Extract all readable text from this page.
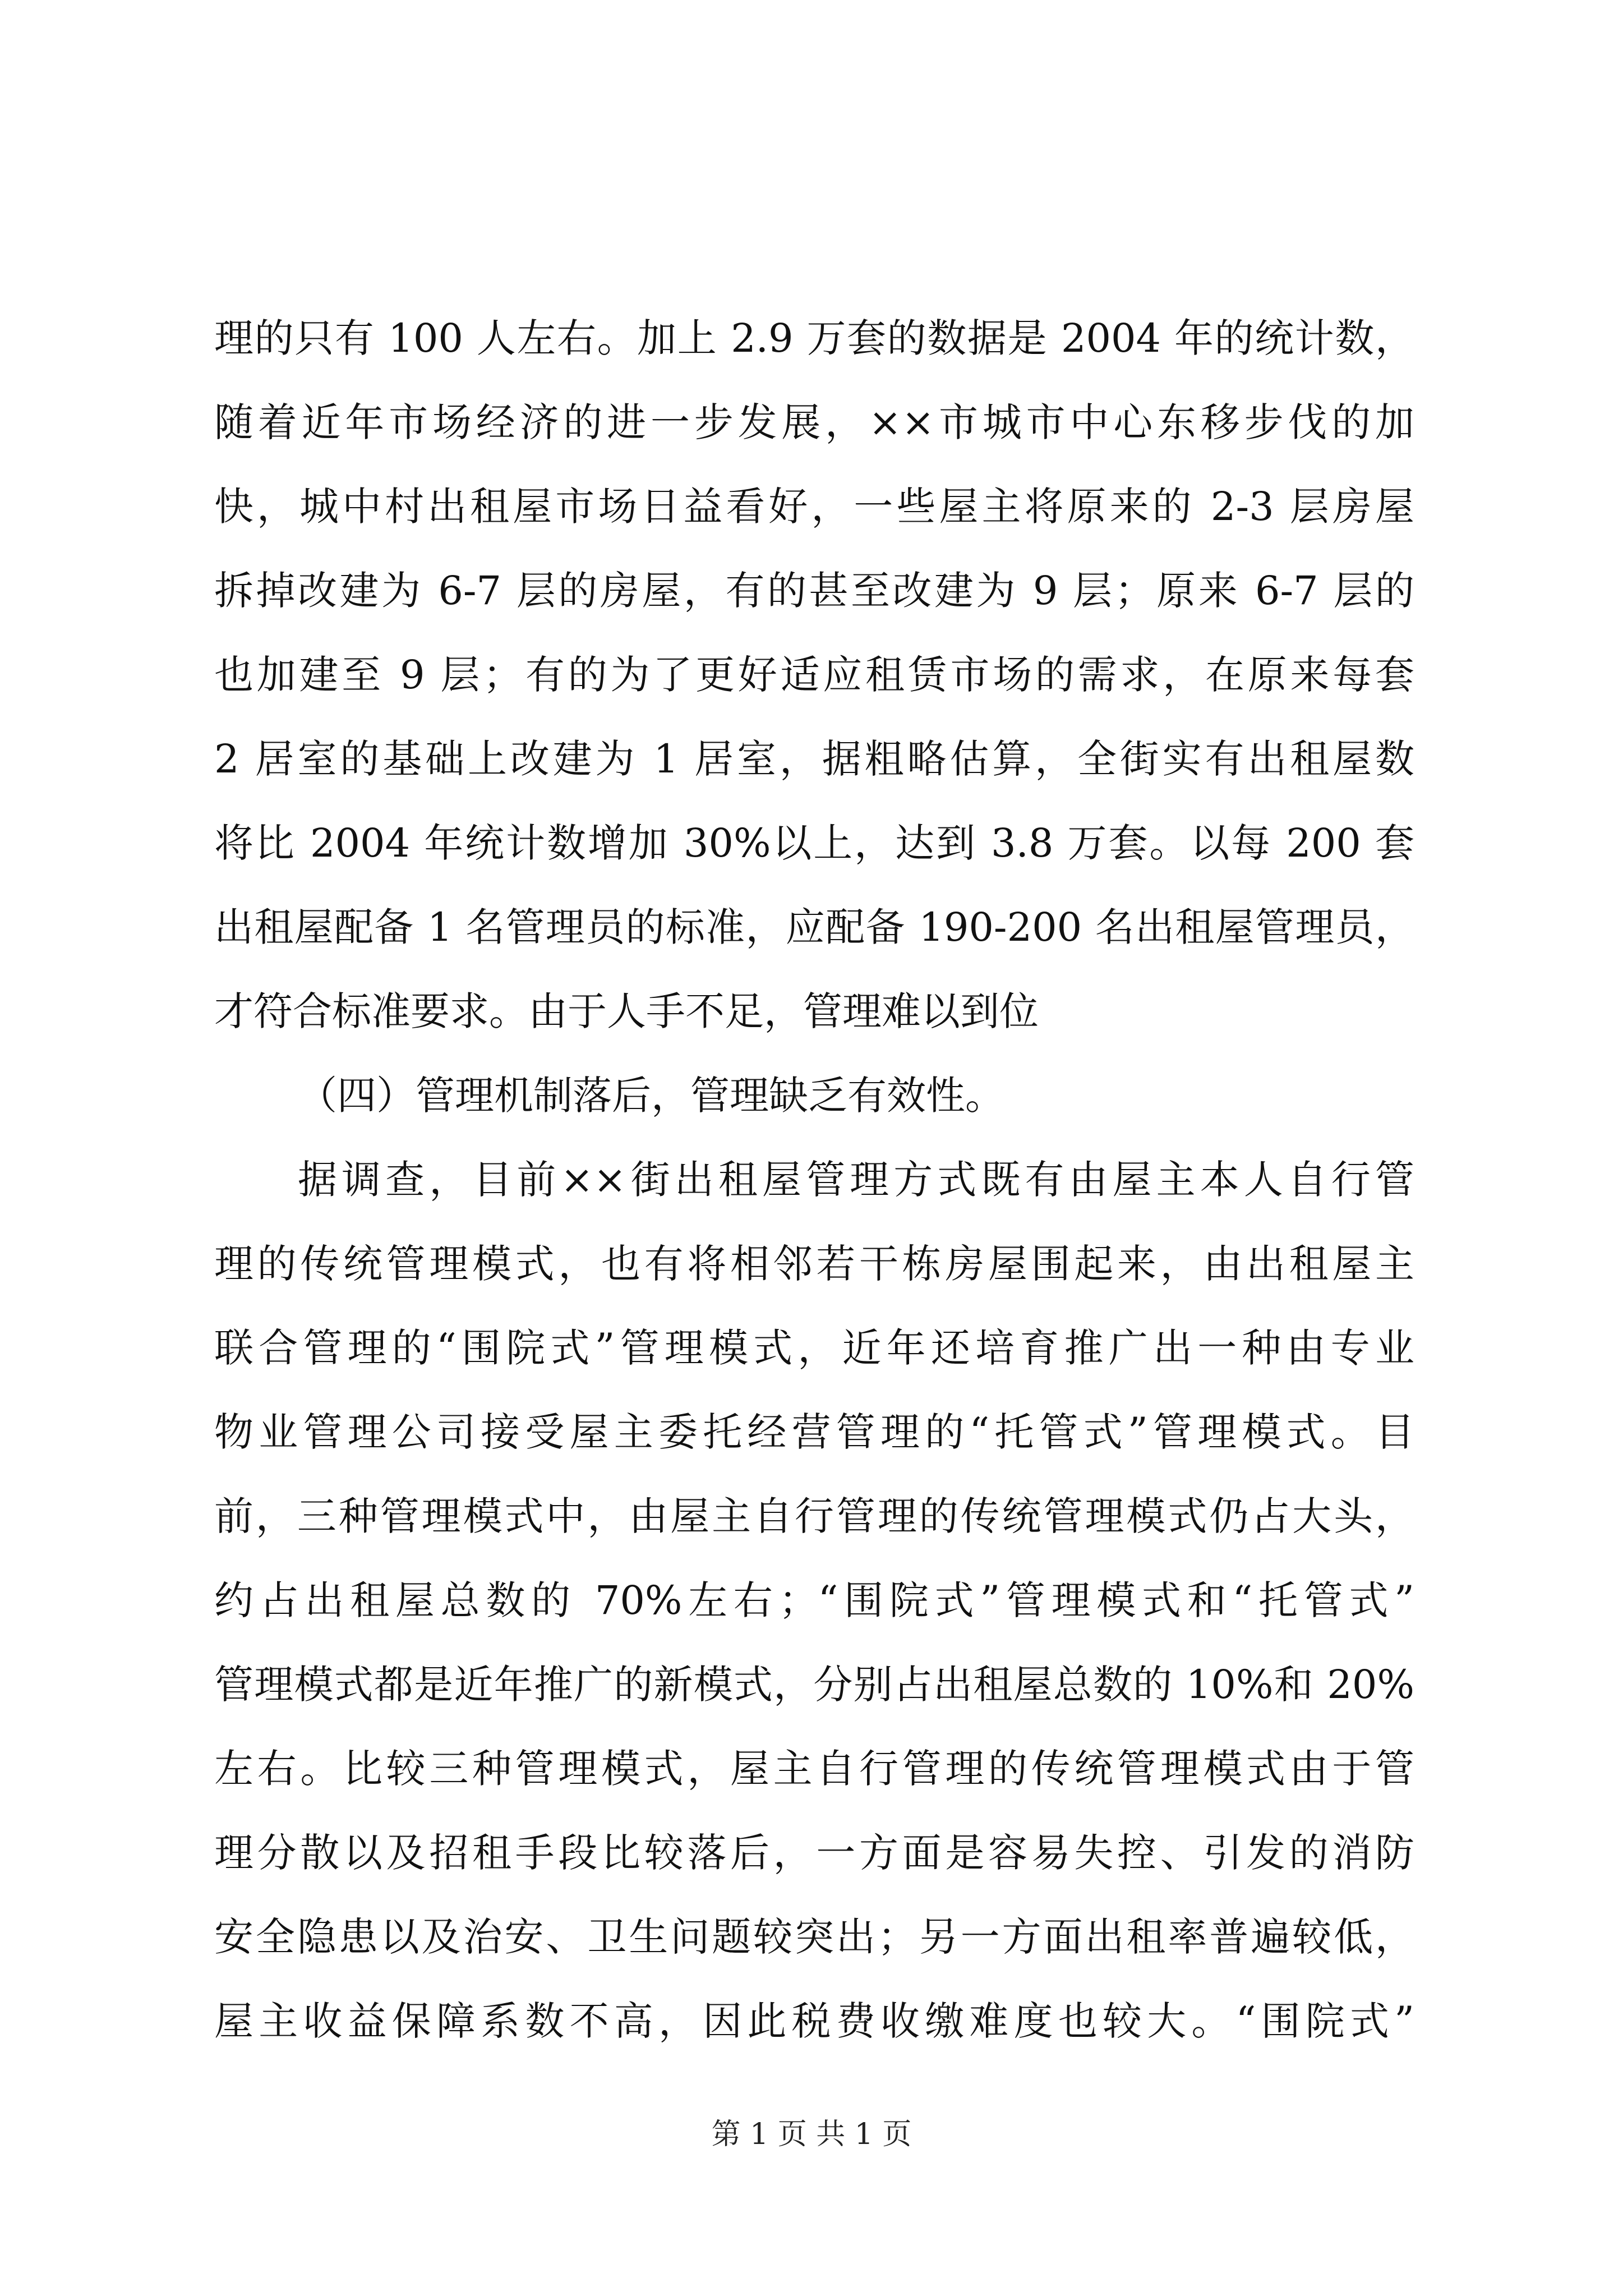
理的只有 100 人左右。加上 2.9 万套的数据是 2004 年的统计数，
随着近年市场经济的进一步发展，××市城市中心东移步伐的加
快，城中村出租屋市场日益看好，一些屋主将原来的 2-3 层房屋
拆掉改建为 6-7 层的房屋，有的甚至改建为 9 层；原来 6-7 层的
也加建至 9 层；有的为了更好适应租赁市场的需求，在原来每套
2 居室的基础上改建为 1 居室，据粗略估算，全街实有出租屋数
将比 2004 年统计数增加 30%以上，达到 3.8 万套。以每 200 套
出租屋配备 1 名管理员的标准，应配备 190-200 名出租屋管理员，
才符合标准要求。由于人手不足，管理难以到位
（四）管理机制落后，管理缺乏有效性。
据调查，目前××街出租屋管理方式既有由屋主本人自行管
理的传统管理模式，也有将相邻若干栋房屋围起来，由出租屋主
联合管理的“围院式”管理模式，近年还培育推广出一种由专业
物业管理公司接受屋主委托经营管理的“托管式”管理模式。目
前，三种管理模式中，由屋主自行管理的传统管理模式仍占大头，
约占出租屋总数的 70%左右；“围院式”管理模式和“托管式”
管理模式都是近年推广的新模式，分别占出租屋总数的 10%和 20%
左右。比较三种管理模式，屋主自行管理的传统管理模式由于管
理分散以及招租手段比较落后，一方面是容易失控、引发的消防
安全隐患以及治安、卫生问题较突出；另一方面出租率普遍较低，
屋主收益保障系数不高，因此税费收缴难度也较大。“围院式”
第 1 页 共 1 页
